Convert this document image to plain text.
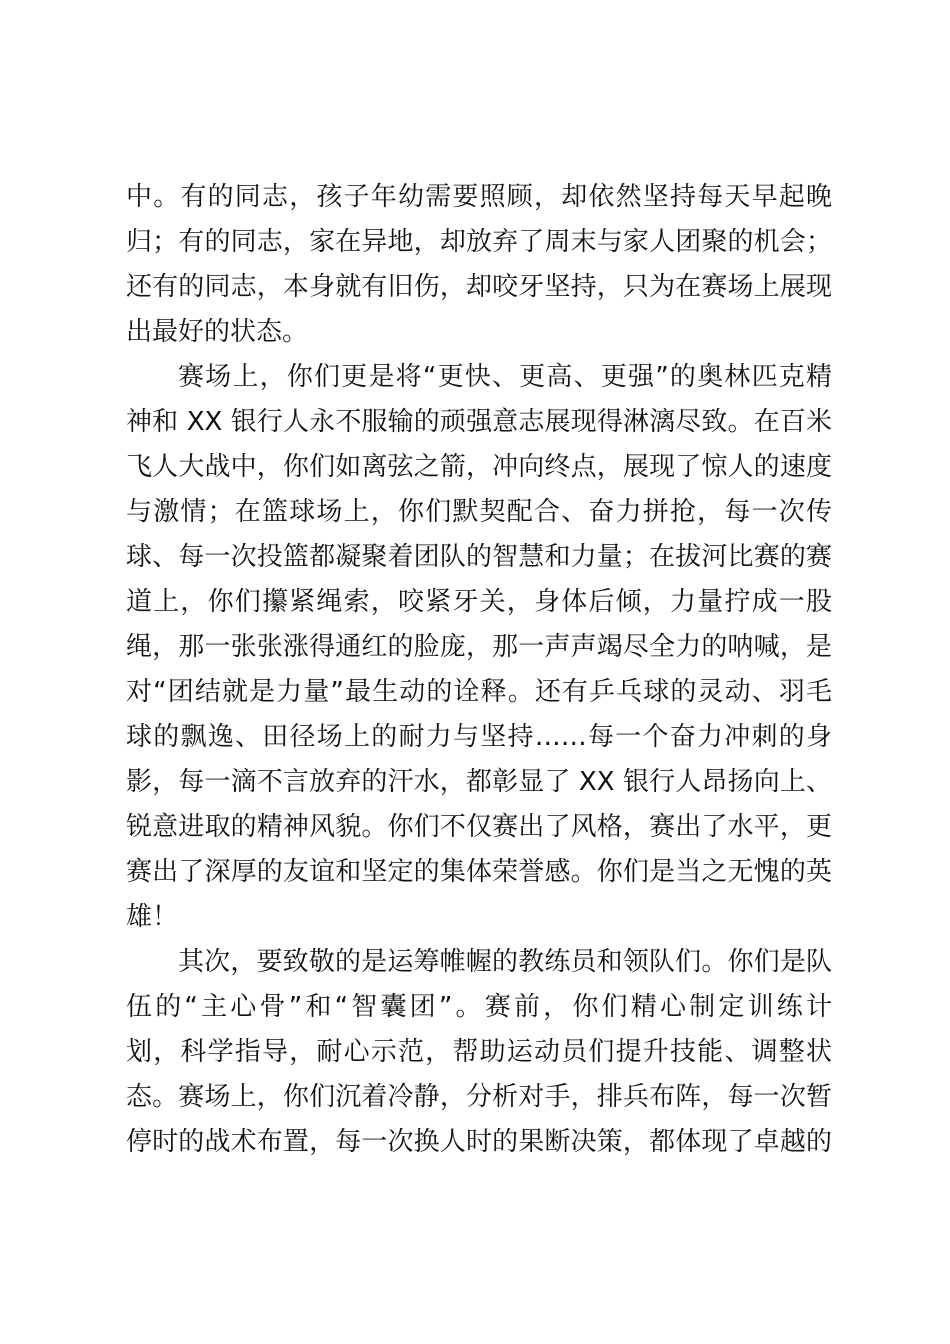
中。有的同志，孩子年幼需要照顾，却依然坚持每天早起晚
归；有的同志，家在异地，却放弃了周末与家人团聚的机会；
还有的同志，本身就有旧伤，却咬牙坚持，只为在赛场上展现
出最好的状态。
赛场上，你们更是将“更快、更高、更强”的奥林匹克精
神和 XX 银行人永不服输的顽强意志展现得淋漓尽致。在百米
飞人大战中，你们如离弦之箭，冲向终点，展现了惊人的速度
与激情；在篮球场上，你们默契配合、奋力拼抢，每一次传
球、每一次投篮都凝聚着团队的智慧和力量；在拔河比赛的赛
道上，你们攥紧绳索，咬紧牙关，身体后倾，力量拧成一股
绳，那一张张涨得通红的脸庞，那一声声竭尽全力的呐喊，是
对“团结就是力量”最生动的诠释。还有乒乓球的灵动、羽毛
球的飘逸、田径场上的耐力与坚持……每一个奋力冲刺的身
影，每一滴不言放弃的汗水，都彰显了 XX 银行人昂扬向上、
锐意进取的精神风貌。你们不仅赛出了风格，赛出了水平，更
赛出了深厚的友谊和坚定的集体荣誉感。你们是当之无愧的英
雄！
其次，要致敬的是运筹帷幄的教练员和领队们。你们是队
伍的“主心骨”和“智囊团”。赛前，你们精心制定训练计
划，科学指导，耐心示范，帮助运动员们提升技能、调整状
态。赛场上，你们沉着冷静，分析对手，排兵布阵，每一次暂
停时的战术布置，每一次换人时的果断决策，都体现了卓越的
